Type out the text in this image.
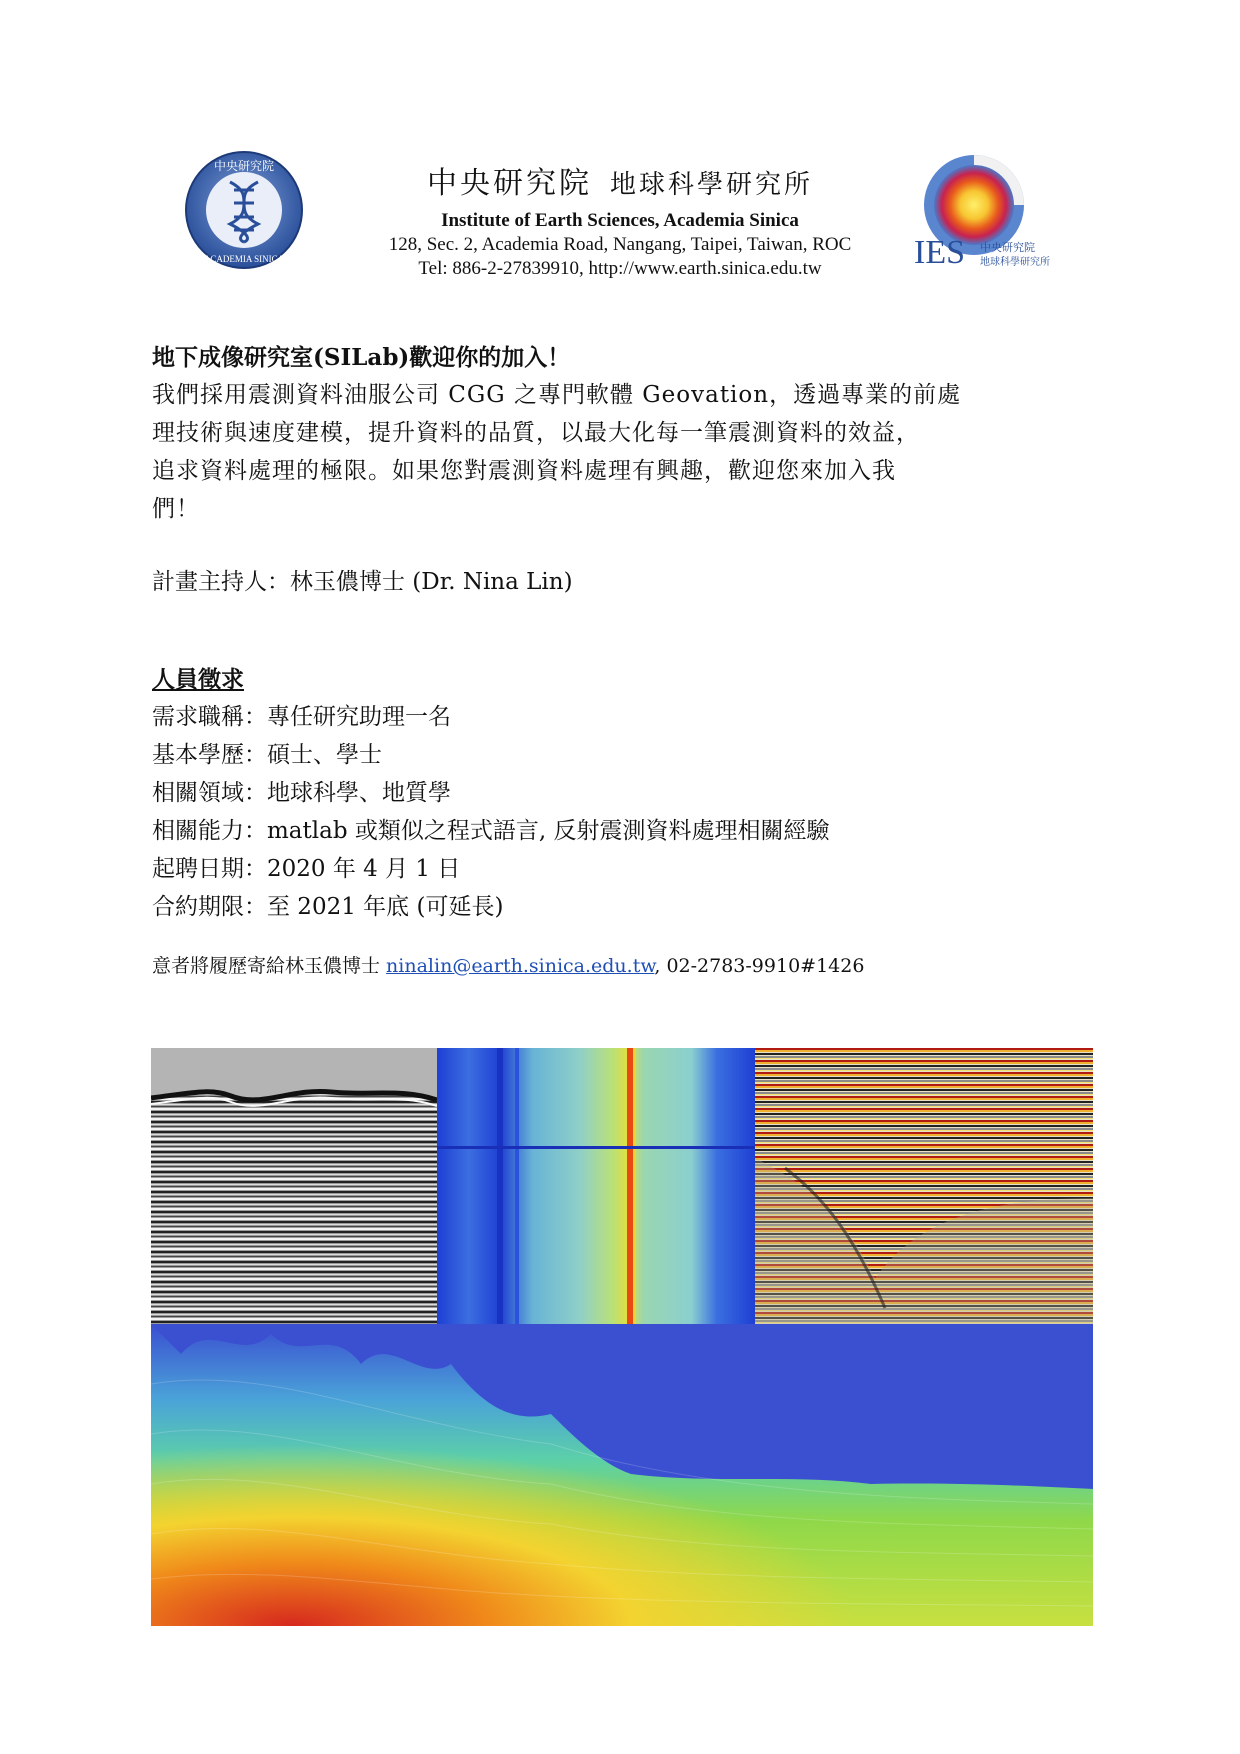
中央研究院
ACADEMIA SINICA
中央研究院 地球科學研究所
Institute of Earth Sciences, Academia Sinica
128, Sec. 2, Academia Road, Nangang, Taipei, Taiwan, ROC
Tel: 886-2-27839910, http://www.earth.sinica.edu.tw	IES 中央研究院
地球科學研究所
地下成像研究室(SILab)歡迎你的加入！
我們採用震測資料油服公司 CGG 之專門軟體 Geovation，透過專業的前處
理技術與速度建模，提升資料的品質，以最大化每一筆震測資料的效益，
追求資料處理的極限。如果您對震測資料處理有興趣，歡迎您來加入我
們！
計畫主持人：林玉儂博士 (Dr. Nina Lin)
人員徵求
需求職稱：專任研究助理一名
基本學歷：碩士、學士
相關領域：地球科學、地質學
相關能力：matlab 或類似之程式語言, 反射震測資料處理相關經驗
起聘日期：2020 年 4 月 1 日
合約期限：至 2021 年底 (可延長)
意者將履歷寄給林玉儂博士 ninalin@earth.sinica.edu.tw, 02-2783-9910#1426
